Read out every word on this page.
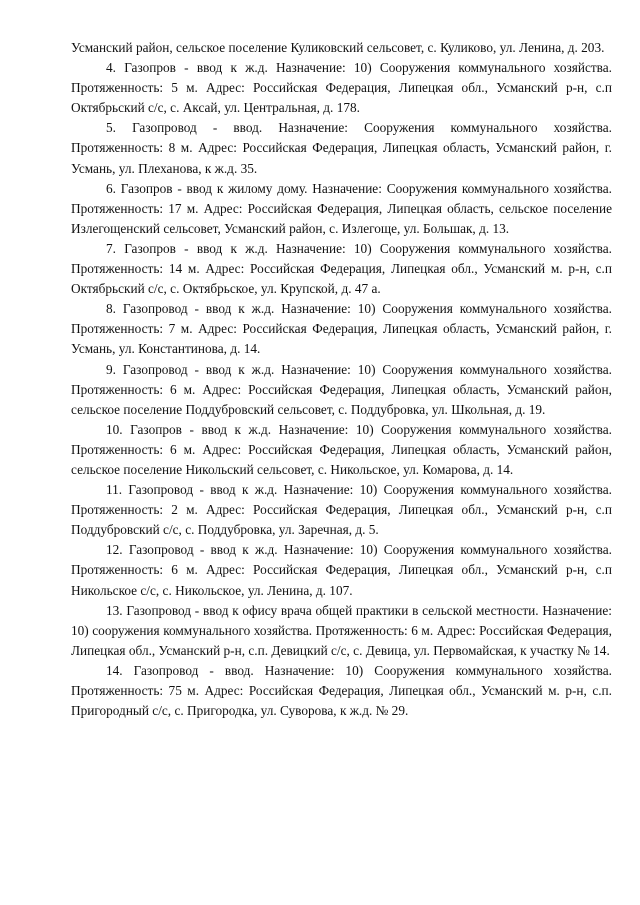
Усманский район, сельское поселение Куликовский сельсовет, с. Куликово, ул. Ленина, д. 203.

4. Газопров - ввод к ж.д. Назначение: 10) Сооружения коммунального хозяйства. Протяженность: 5 м. Адрес: Российская Федерация, Липецкая обл., Усманский р-н, с.п Октябрьский с/с, с. Аксай, ул. Центральная, д. 178.

5. Газопровод - ввод. Назначение: Сооружения коммунального хозяйства. Протяженность: 8 м. Адрес: Российская Федерация, Липецкая область, Усманский район, г. Усмань, ул. Плеханова, к ж.д. 35.

6. Газопров - ввод к жилому дому. Назначение: Сооружения коммунального хозяйства. Протяженность: 17 м. Адрес: Российская Федерация, Липецкая область, сельское поселение Излегощенский сельсовет, Усманский район, с. Излегоще, ул. Большак, д. 13.

7. Газопров - ввод к ж.д. Назначение: 10) Сооружения коммунального хозяйства. Протяженность: 14 м. Адрес: Российская Федерация, Липецкая обл., Усманский м. р-н, с.п Октябрьский с/с, с. Октябрьское, ул. Крупской, д. 47 а.

8. Газопровод - ввод к ж.д. Назначение: 10) Сооружения коммунального хозяйства. Протяженность: 7 м. Адрес: Российская Федерация, Липецкая область, Усманский район, г. Усмань, ул. Константинова, д. 14.

9. Газопровод - ввод к ж.д. Назначение: 10) Сооружения коммунального хозяйства. Протяженность: 6 м. Адрес: Российская Федерация, Липецкая область, Усманский район, сельское поселение Поддубровский сельсовет, с. Поддубровка, ул. Школьная, д. 19.

10. Газопров - ввод к ж.д. Назначение: 10) Сооружения коммунального хозяйства. Протяженность: 6 м. Адрес: Российская Федерация, Липецкая область, Усманский район, сельское поселение Никольский сельсовет, с. Никольское, ул. Комарова, д. 14.

11. Газопровод - ввод к ж.д. Назначение: 10) Сооружения коммунального хозяйства. Протяженность: 2 м. Адрес: Российская Федерация, Липецкая обл., Усманский р-н, с.п Поддубровский с/с, с. Поддубровка, ул. Заречная, д. 5.

12. Газопровод - ввод к ж.д. Назначение: 10) Сооружения коммунального хозяйства. Протяженность: 6 м. Адрес: Российская Федерация, Липецкая обл., Усманский р-н, с.п Никольское с/с, с. Никольское, ул. Ленина, д. 107.

13. Газопровод - ввод к офису врача общей практики в сельской местности. Назначение: 10) сооружения коммунального хозяйства. Протяженность: 6 м. Адрес: Российская Федерация, Липецкая обл., Усманский р-н, с.п. Девицкий с/с, с. Девица, ул. Первомайская, к участку № 14.

14. Газопровод - ввод. Назначение: 10) Сооружения коммунального хозяйства. Протяженность: 75 м. Адрес: Российская Федерация, Липецкая обл., Усманский м. р-н, с.п. Пригородный с/с, с. Пригородка, ул. Суворова, к ж.д. № 29.
